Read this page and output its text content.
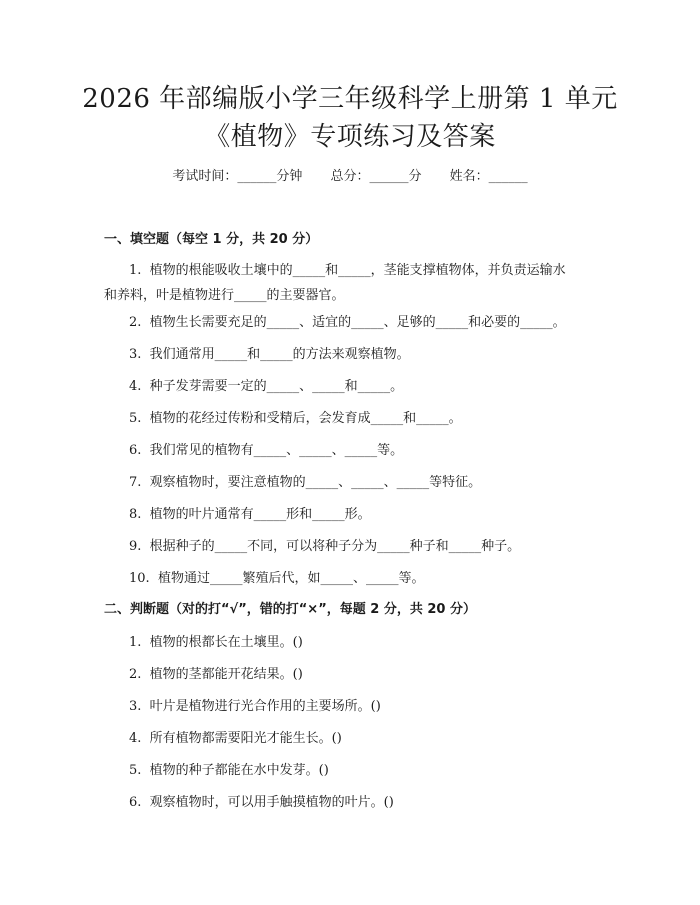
2026 年部编版小学三年级科学上册第 1 单元
《植物》专项练习及答案
考试时间：______分钟 总分：______分 姓名：______
一、填空题（每空 1 分，共 20 分）
1.  植物的根能吸收土壤中的_____和_____，茎能支撑植物体，并负责运输水
和养料，叶是植物进行_____的主要器官。
2.  植物生长需要充足的_____、适宜的_____、足够的_____和必要的_____。
3.  我们通常用_____和_____的方法来观察植物。
4.  种子发芽需要一定的_____、_____和_____。
5.  植物的花经过传粉和受精后，会发育成_____和_____。
6.  我们常见的植物有_____、_____、_____等。
7.  观察植物时，要注意植物的_____、_____、_____等特征。
8.  植物的叶片通常有_____形和_____形。
9.  根据种子的_____不同，可以将种子分为_____种子和_____种子。
10.  植物通过_____繁殖后代，如_____、_____等。
二、判断题（对的打“√”，错的打“×”，每题 2 分，共 20 分）
1.  植物的根都长在土壤里。()
2.  植物的茎都能开花结果。()
3.  叶片是植物进行光合作用的主要场所。()
4.  所有植物都需要阳光才能生长。()
5.  植物的种子都能在水中发芽。()
6.  观察植物时，可以用手触摸植物的叶片。()
